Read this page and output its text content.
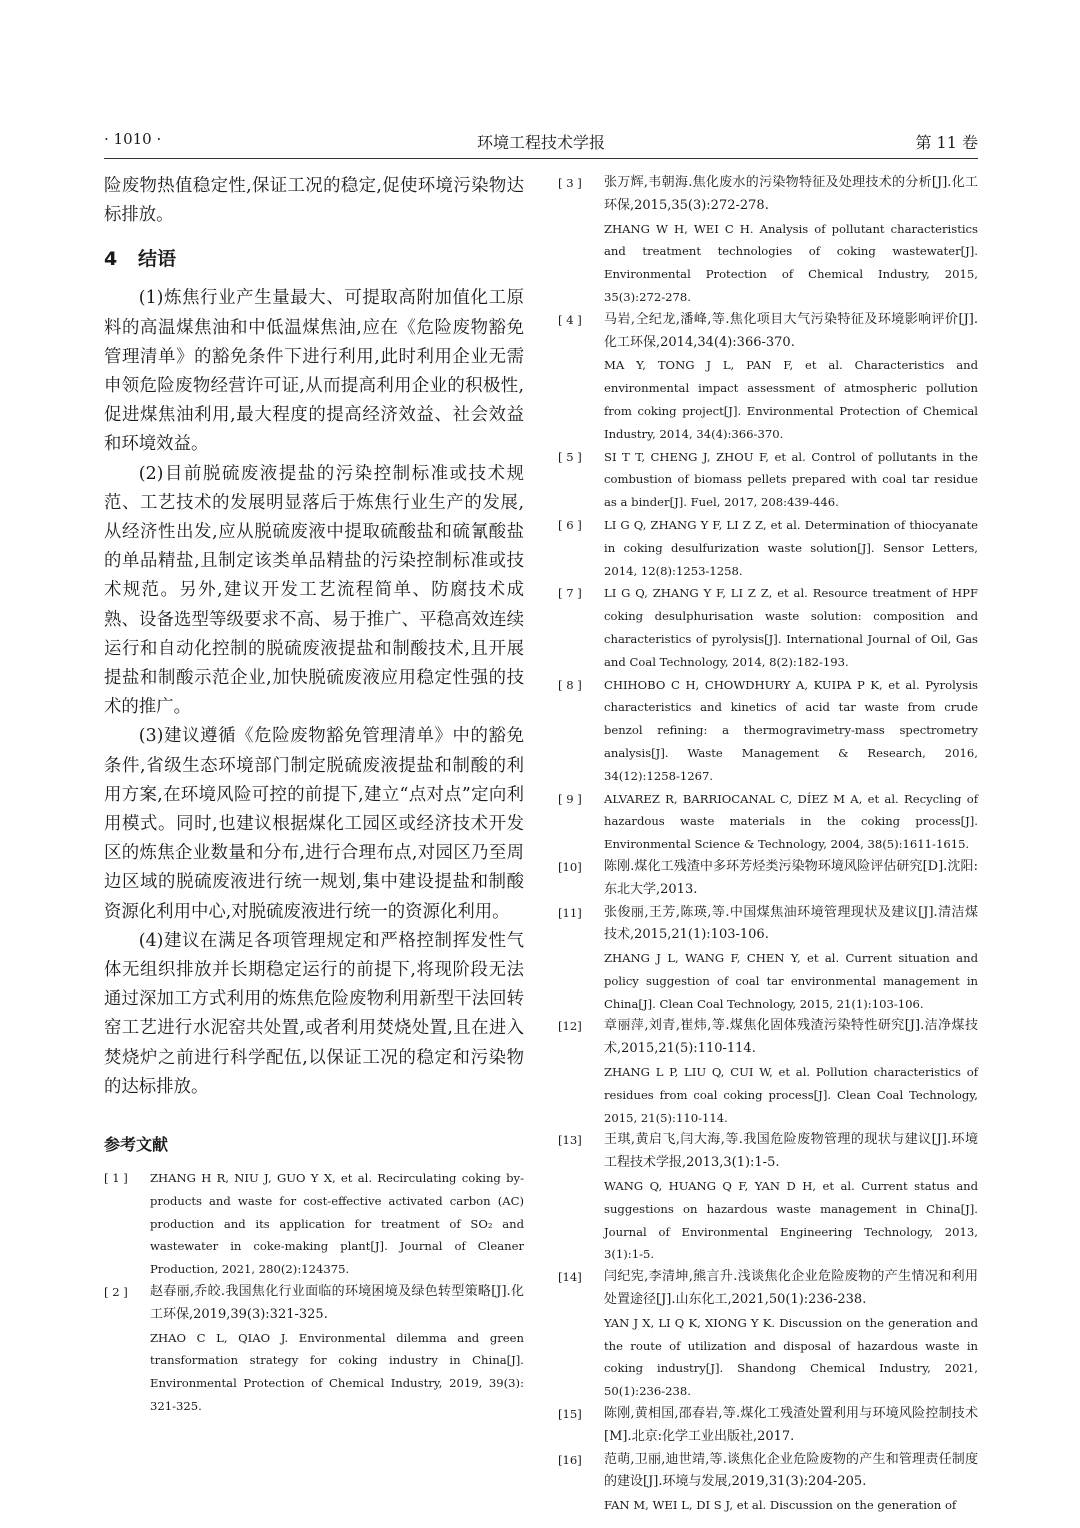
· 1010 ·	环境工程技术学报	第 11 卷

险废物热值稳定性,保证工况的稳定,促使环境污染物达标排放。

4 结语

(1)炼焦行业产生量最大、可提取高附加值化工原料的高温煤焦油和中低温煤焦油,应在《危险废物豁免管理清单》的豁免条件下进行利用,此时利用企业无需申领危险废物经营许可证,从而提高利用企业的积极性,促进煤焦油利用,最大程度的提高经济效益、社会效益和环境效益。

(2)目前脱硫废液提盐的污染控制标准或技术规范、工艺技术的发展明显落后于炼焦行业生产的发展,从经济性出发,应从脱硫废液中提取硫酸盐和硫氰酸盐的单品精盐,且制定该类单品精盐的污染控制标准或技术规范。另外,建议开发工艺流程简单、防腐技术成熟、设备选型等级要求不高、易于推广、平稳高效连续运行和自动化控制的脱硫废液提盐和制酸技术,且开展提盐和制酸示范企业,加快脱硫废液应用稳定性强的技术的推广。

(3)建议遵循《危险废物豁免管理清单》中的豁免条件,省级生态环境部门制定脱硫废液提盐和制酸的利用方案,在环境风险可控的前提下,建立“点对点”定向利用模式。同时,也建议根据煤化工园区或经济技术开发区的炼焦企业数量和分布,进行合理布点,对园区乃至周边区域的脱硫废液进行统一规划,集中建设提盐和制酸资源化利用中心,对脱硫废液进行统一的资源化利用。

(4)建议在满足各项管理规定和严格控制挥发性气体无组织排放并长期稳定运行的前提下,将现阶段无法通过深加工方式利用的炼焦危险废物利用新型干法回转窑工艺进行水泥窑共处置,或者利用焚烧处置,且在进入焚烧炉之前进行科学配伍,以保证工况的稳定和污染物的达标排放。

参考文献
[ 1 ]	ZHANG H R, NIU J, GUO Y X, et al. Recirculating coking by-products and waste for cost-effective activated carbon (AC) production and its application for treatment of SO₂ and wastewater in coke-making plant[J]. Journal of Cleaner Production, 2021, 280(2):124375.
[ 2 ]	赵春丽,乔皎.我国焦化行业面临的环境困境及绿色转型策略[J].化工环保,2019,39(3):321-325.
ZHAO C L, QIAO J. Environmental dilemma and green transformation strategy for coking industry in China[J]. Environmental Protection of Chemical Industry, 2019, 39(3): 321-325.
[ 3 ]	张万辉,韦朝海.焦化废水的污染物特征及处理技术的分析[J].化工环保,2015,35(3):272-278.
ZHANG W H, WEI C H. Analysis of pollutant characteristics and treatment technologies of coking wastewater[J]. Environmental Protection of Chemical Industry, 2015, 35(3):272-278.
[ 4 ]	马岩,仝纪龙,潘峰,等.焦化项目大气污染特征及环境影响评价[J].化工环保,2014,34(4):366-370.
MA Y, TONG J L, PAN F, et al. Characteristics and environmental impact assessment of atmospheric pollution from coking project[J]. Environmental Protection of Chemical Industry, 2014, 34(4):366-370.
[ 5 ]	SI T T, CHENG J, ZHOU F, et al. Control of pollutants in the combustion of biomass pellets prepared with coal tar residue as a binder[J]. Fuel, 2017, 208:439-446.
[ 6 ]	LI G Q, ZHANG Y F, LI Z Z, et al. Determination of thiocyanate in coking desulfurization waste solution[J]. Sensor Letters, 2014, 12(8):1253-1258.
[ 7 ]	LI G Q, ZHANG Y F, LI Z Z, et al. Resource treatment of HPF coking desulphurisation waste solution: composition and characteristics of pyrolysis[J]. International Journal of Oil, Gas and Coal Technology, 2014, 8(2):182-193.
[ 8 ]	CHIHOBO C H, CHOWDHURY A, KUIPA P K, et al. Pyrolysis characteristics and kinetics of acid tar waste from crude benzol refining: a thermogravimetry-mass spectrometry analysis[J]. Waste Management & Research, 2016, 34(12):1258-1267.
[ 9 ]	ALVAREZ R, BARRIOCANAL C, DÍEZ M A, et al. Recycling of hazardous waste materials in the coking process[J]. Environmental Science & Technology, 2004, 38(5):1611-1615.
[10]	陈刚.煤化工残渣中多环芳烃类污染物环境风险评估研究[D].沈阳:东北大学,2013.
[11]	张俊丽,王芳,陈瑛,等.中国煤焦油环境管理现状及建议[J].清洁煤技术,2015,21(1):103-106.
ZHANG J L, WANG F, CHEN Y, et al. Current situation and policy suggestion of coal tar environmental management in China[J]. Clean Coal Technology, 2015, 21(1):103-106.
[12]	章丽萍,刘青,崔炜,等.煤焦化固体残渣污染特性研究[J].洁净煤技术,2015,21(5):110-114.
ZHANG L P, LIU Q, CUI W, et al. Pollution characteristics of residues from coal coking process[J]. Clean Coal Technology, 2015, 21(5):110-114.
[13]	王琪,黄启飞,闫大海,等.我国危险废物管理的现状与建议[J].环境工程技术学报,2013,3(1):1-5.
WANG Q, HUANG Q F, YAN D H, et al. Current status and suggestions on hazardous waste management in China[J]. Journal of Environmental Engineering Technology, 2013, 3(1):1-5.
[14]	闫纪宪,李清坤,熊言升.浅谈焦化企业危险废物的产生情况和利用处置途径[J].山东化工,2021,50(1):236-238.
YAN J X, LI Q K, XIONG Y K. Discussion on the generation and the route of utilization and disposal of hazardous waste in coking industry[J]. Shandong Chemical Industry, 2021, 50(1):236-238.
[15]	陈刚,黄相国,邵春岩,等.煤化工残渣处置利用与环境风险控制技术[M].北京:化学工业出版社,2017.
[16]	范萌,卫丽,迪世靖,等.谈焦化企业危险废物的产生和管理责任制度的建设[J].环境与发展,2019,31(3):204-205.
FAN M, WEI L, DI S J, et al. Discussion on the generation of
